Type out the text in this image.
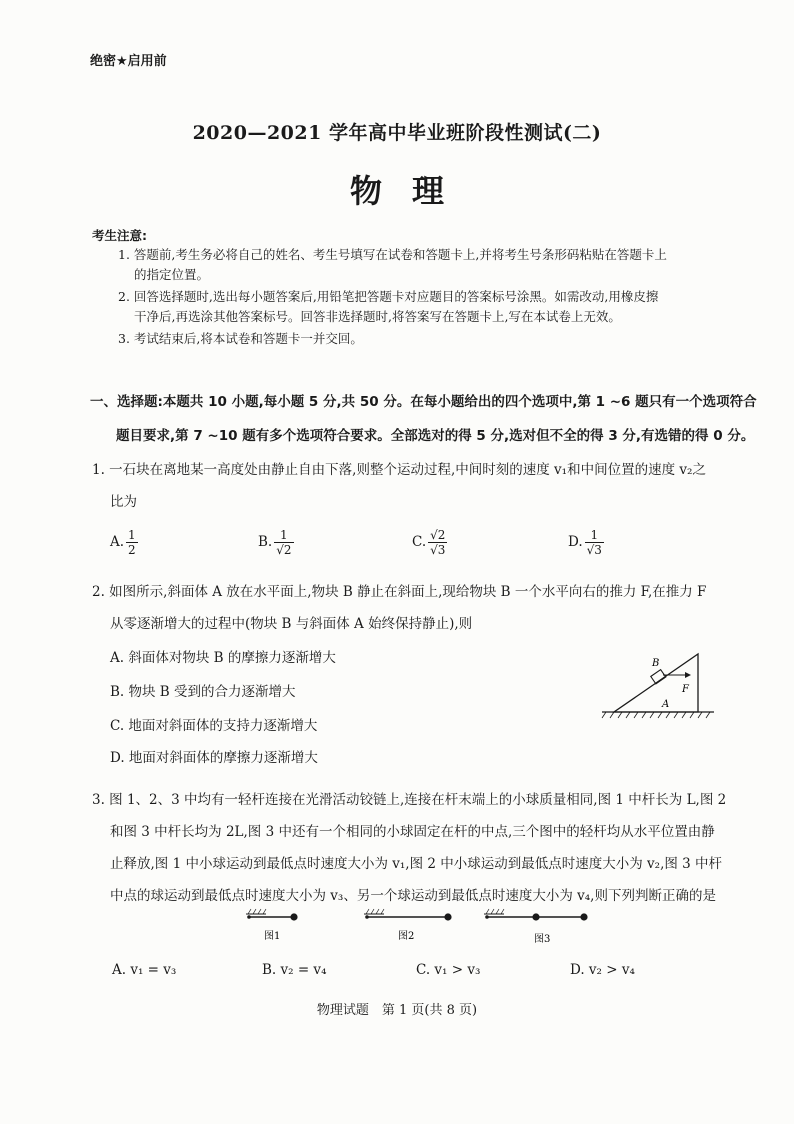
绝密★启用前
2020—2021 学年高中毕业班阶段性测试(二)
物理
考生注意:
1. 答题前,考生务必将自己的姓名、考生号填写在试卷和答题卡上,并将考生号条形码粘贴在答题卡上
的指定位置。
2. 回答选择题时,选出每小题答案后,用铅笔把答题卡对应题目的答案标号涂黑。如需改动,用橡皮擦
干净后,再选涂其他答案标号。回答非选择题时,将答案写在答题卡上,写在本试卷上无效。
3. 考试结束后,将本试卷和答题卡一并交回。
一、选择题:本题共 10 小题,每小题 5 分,共 50 分。在每小题给出的四个选项中,第 1 ~6 题只有一个选项符合
题目要求,第 7 ~10 题有多个选项符合要求。全部选对的得 5 分,选对但不全的得 3 分,有选错的得 0 分。
1. 一石块在离地某一高度处由静止自由下落,则整个运动过程,中间时刻的速度 v₁和中间位置的速度 v₂之
比为
A. $\frac{1}{2}$	B. $\frac{1}{√2}$	C. $\frac{√2}{√3}$	D. $\frac{1}{√3}$
2. 如图所示,斜面体 A 放在水平面上,物块 B 静止在斜面上,现给物块 B 一个水平向右的推力 F,在推力 F
从零逐渐增大的过程中(物块 B 与斜面体 A 始终保持静止),则
A. 斜面体对物块 B 的摩擦力逐渐增大
B. 物块 B 受到的合力逐渐增大
C. 地面对斜面体的支持力逐渐增大
D. 地面对斜面体的摩擦力逐渐增大
B
A
F
3. 图 1、2、3 中均有一轻杆连接在光滑活动铰链上,连接在杆末端上的小球质量相同,图 1 中杆长为 L,图 2
和图 3 中杆长均为 2L,图 3 中还有一个相同的小球固定在杆的中点,三个图中的轻杆均从水平位置由静
止释放,图 1 中小球运动到最低点时速度大小为 v₁,图 2 中小球运动到最低点时速度大小为 v₂,图 3 中杆
中点的球运动到最低点时速度大小为 v₃、另一个球运动到最低点时速度大小为 v₄,则下列判断正确的是
图1	图2	图3
A. v₁ = v₃	B. v₂ = v₄	C. v₁ > v₃	D. v₂ > v₄
物理试题　第 1 页(共 8 页)
